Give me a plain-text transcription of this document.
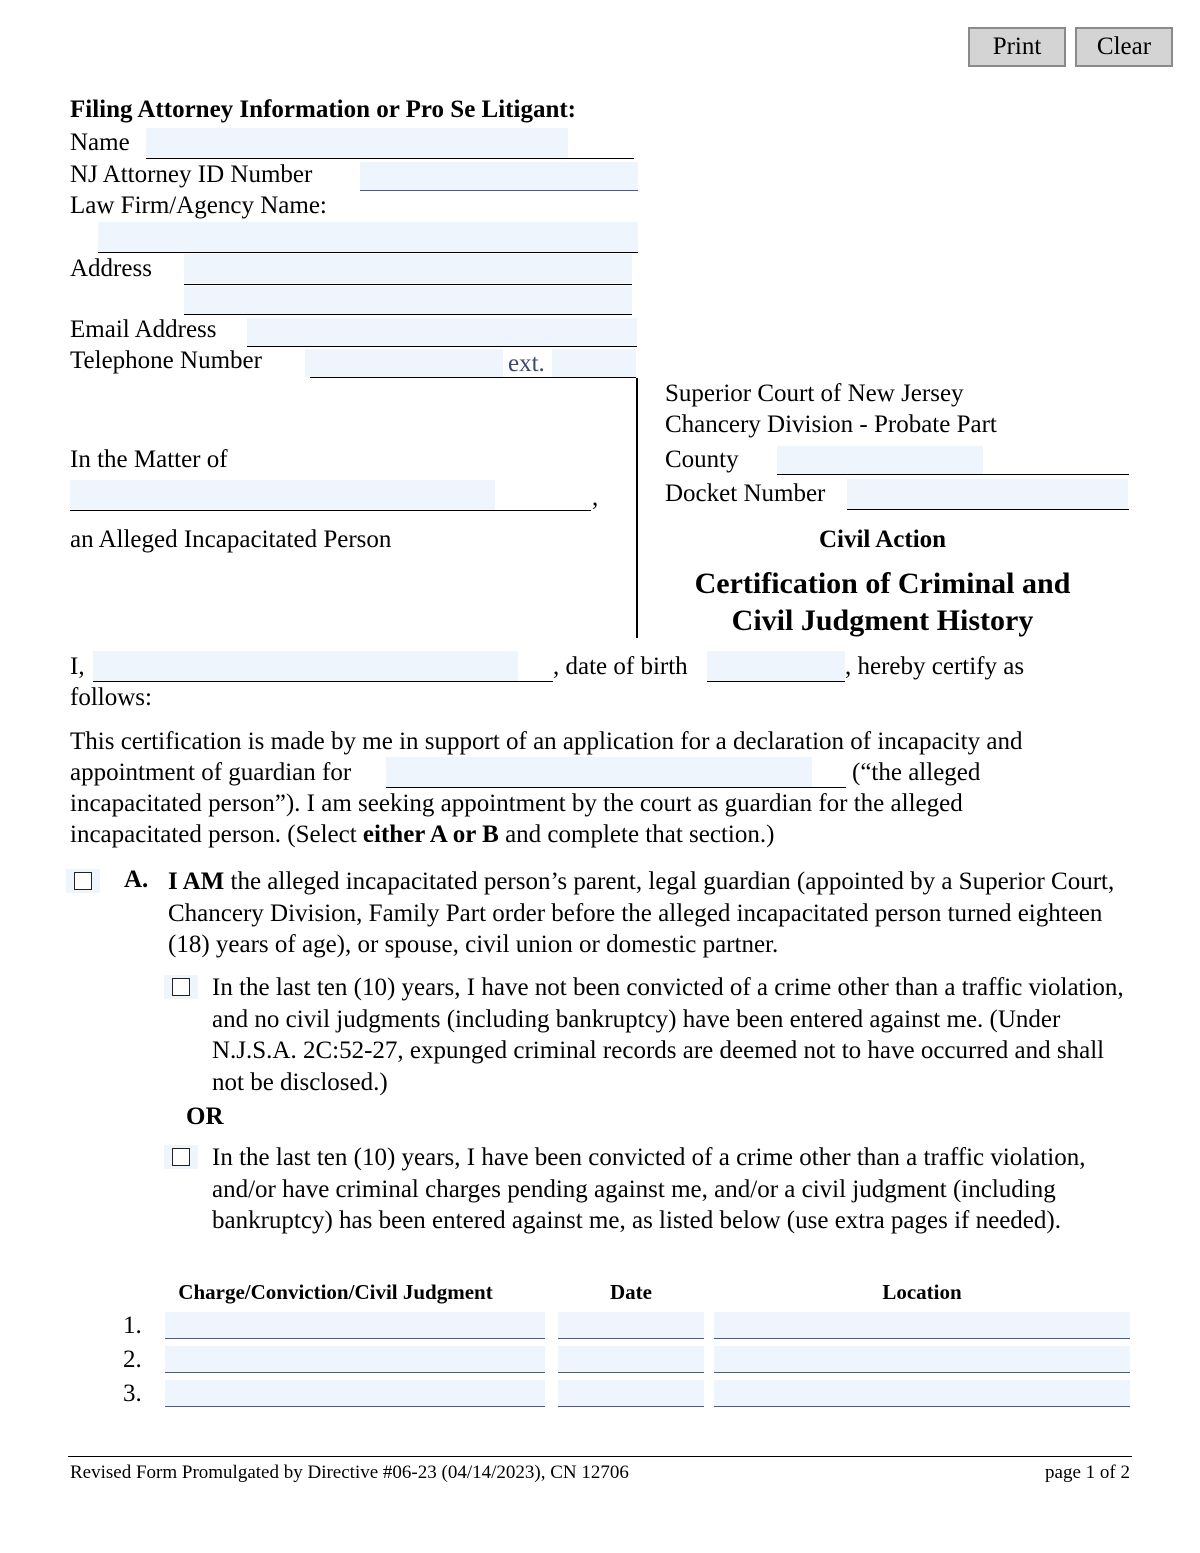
Print	Clear
Filing Attorney Information or Pro Se Litigant:
Name
NJ Attorney ID Number
Law Firm/Agency Name:
Address
Email Address
Telephone Number	ext.
Superior Court of New Jersey
Chancery Division - Probate Part
County
Docket Number
Civil Action
Certification of Criminal and
Civil Judgment History
In the Matter of
,
an Alleged Incapacitated Person
I,	, date of birth	, hereby certify as
follows:
This certification is made by me in support of an application for a declaration of incapacity and
appointment of guardian for	(“the alleged
incapacitated person”). I am seeking appointment by the court as guardian for the alleged
incapacitated person. (Select either A or B and complete that section.)
A. I AM the alleged incapacitated person’s parent, legal guardian (appointed by a Superior Court, Chancery Division, Family Part order before the alleged incapacitated person turned eighteen (18) years of age), or spouse, civil union or domestic partner.
In the last ten (10) years, I have not been convicted of a crime other than a traffic violation, and no civil judgments (including bankruptcy) have been entered against me. (Under N.J.S.A. 2C:52-27, expunged criminal records are deemed not to have occurred and shall not be disclosed.)
OR
In the last ten (10) years, I have been convicted of a crime other than a traffic violation, and/or have criminal charges pending against me, and/or a civil judgment (including bankruptcy) has been entered against me, as listed below (use extra pages if needed).
Charge/Conviction/Civil Judgment	Date	Location
1.
2.
3.
Revised Form Promulgated by Directive #06-23 (04/14/2023), CN 12706	page 1 of 2
